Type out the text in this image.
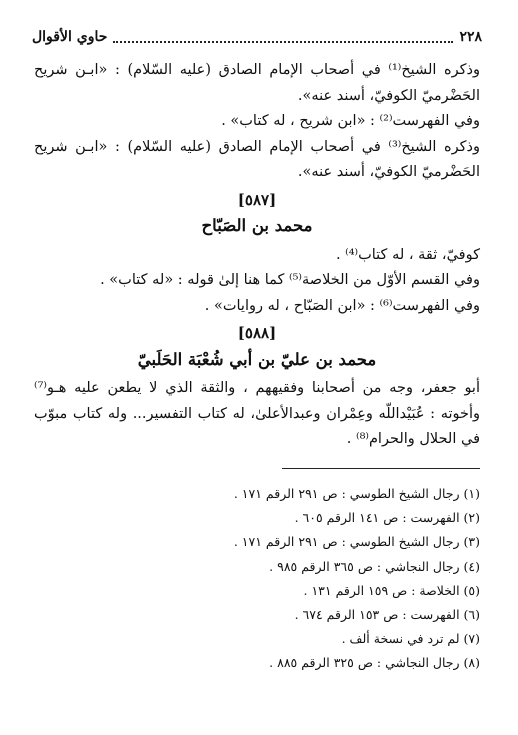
٢٢٨
حاوي الأقوال

وذكره الشيخ⁽¹⁾ في أصحاب الإمام الصادق (عليه السّلام) : «ابـن شريح الحَضْرميّ الكوفيّ، أسند عنه».

وفي الفهرست⁽²⁾ : «ابن شريح ، له كتاب» .

وذكره الشيخ⁽³⁾ في أصحاب الإمام الصادق (عليه السّلام) : «ابـن شريح الحَضْرميّ الكوفيّ، أسند عنه».

[٥٨٧]

محمد بن الصَبّاح

كوفيّ، ثقة ، له كتاب⁽⁴⁾ .

وفي القسم الأوّل من الخلاصة⁽⁵⁾ كما هنا إلىٰ قوله : «له كتاب» .

وفي الفهرست⁽⁶⁾ : «ابن الصَبّاح ، له روايات» .

[٥٨٨]

محمد بن عليّ بن أبي شُعْبَة الحَلَبيّ

أبو جعفر، وجه من أصحابنا وفقيههم ، والثقة الذي لا يطعن عليه هـو⁽⁷⁾ وأخوته : عُبَيْداللّه وعِمْران وعبدالأعلىٰ، له كتاب التفسير... وله كتاب مبوّب في الحلال والحرام⁽⁸⁾ .

(١) رجال الشيخ الطوسي : ص ٢٩١ الرقم ١٧١ .

(٢) الفهرست : ص ١٤١ الرقم ٦٠٥ .

(٣) رجال الشيخ الطوسي : ص ٢٩١ الرقم ١٧١ .

(٤) رجال النجاشي : ص ٣٦٥ الرقم ٩٨٥ .

(٥) الخلاصة : ص ١٥٩ الرقم ١٣١ .

(٦) الفهرست : ص ١٥٣ الرقم ٦٧٤ .

(٧) لم ترد في نسخة ألف .

(٨) رجال النجاشي : ص ٣٢٥ الرقم ٨٨٥ .
